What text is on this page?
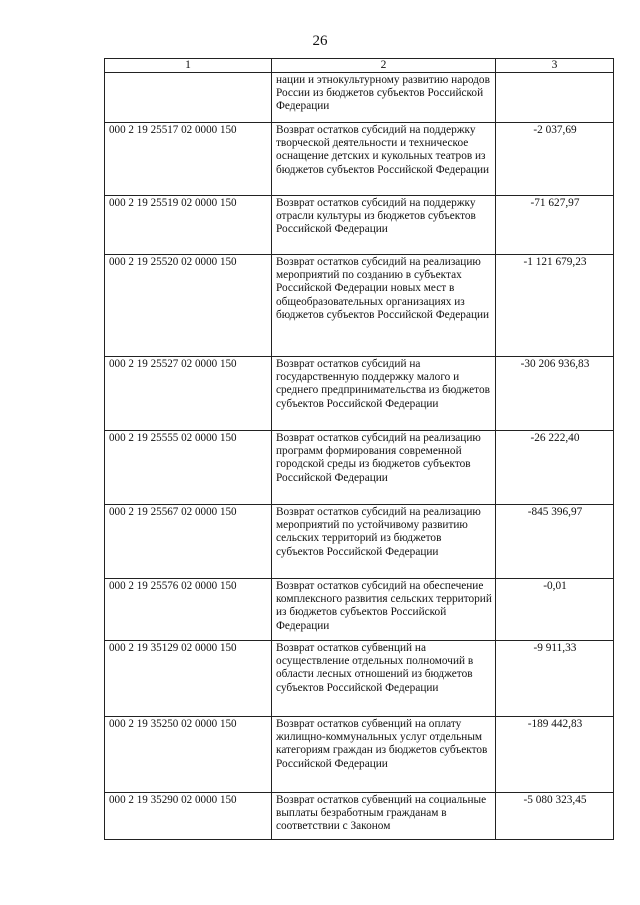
26
1	2	3
	нации и этнокультурному развитию народов России из бюджетов субъектов Российской Федерации	
000 2 19 25517 02 0000 150	Возврат остатков субсидий на поддержку творческой деятельности и техническое оснащение детских и кукольных театров из бюджетов субъектов Российской Федерации	-2 037,69
000 2 19 25519 02 0000 150	Возврат остатков субсидий на поддержку отрасли культуры из бюджетов субъектов Российской Федерации	-71 627,97
000 2 19 25520 02 0000 150	Возврат остатков субсидий на реализацию мероприятий по созданию в субъектах Российской Федерации новых мест в общеобразовательных организациях из бюджетов субъектов Российской Федерации	-1 121 679,23
000 2 19 25527 02 0000 150	Возврат остатков субсидий на государственную поддержку малого и среднего предпринимательства из бюджетов субъектов Российской Федерации	-30 206 936,83
000 2 19 25555 02 0000 150	Возврат остатков субсидий на реализацию программ формирования современной городской среды из бюджетов субъектов Российской Федерации	-26 222,40
000 2 19 25567 02 0000 150	Возврат остатков субсидий на реализацию мероприятий по устойчивому развитию сельских территорий из бюджетов субъектов Российской Федерации	-845 396,97
000 2 19 25576 02 0000 150	Возврат остатков субсидий на обеспечение комплексного развития сельских территорий из бюджетов субъектов Российской Федерации	-0,01
000 2 19 35129 02 0000 150	Возврат остатков субвенций на осуществление отдельных полномочий в области лесных отношений из бюджетов субъектов Российской Федерации	-9 911,33
000 2 19 35250 02 0000 150	Возврат остатков субвенций на оплату жилищно-коммунальных услуг отдельным категориям граждан из бюджетов субъектов Российской Федерации	-189 442,83
000 2 19 35290 02 0000 150	Возврат остатков субвенций на социальные выплаты безработным гражданам в соответствии с Законом	-5 080 323,45
